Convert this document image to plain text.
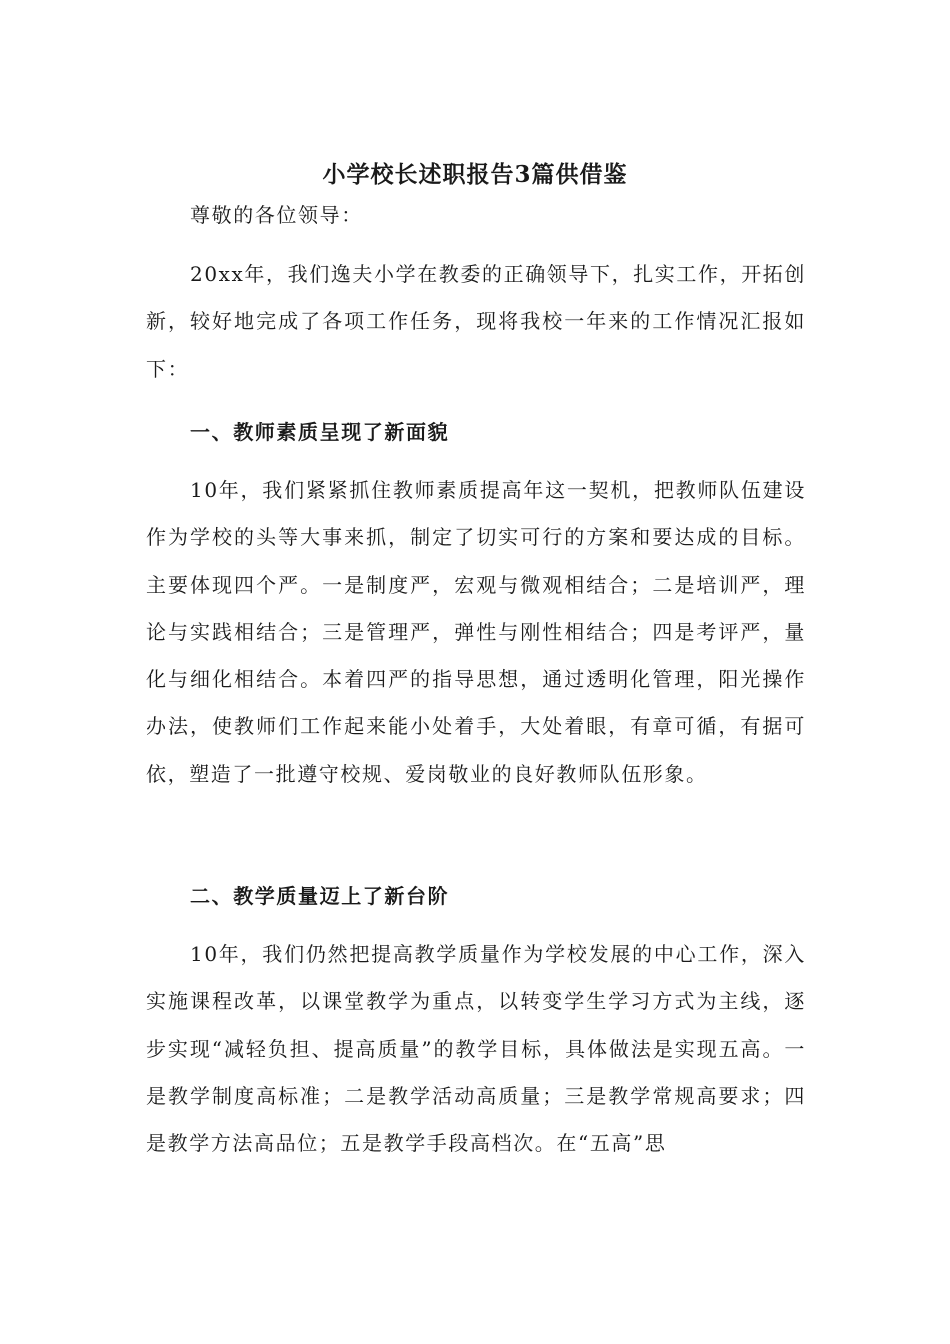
小学校长述职报告3篇供借鉴

尊敬的各位领导：

20xx年，我们逸夫小学在教委的正确领导下，扎实工作，开拓创新，较好地完成了各项工作任务，现将我校一年来的工作情况汇报如下：

一、教师素质呈现了新面貌

10年，我们紧紧抓住教师素质提高年这一契机，把教师队伍建设作为学校的头等大事来抓，制定了切实可行的方案和要达成的目标。主要体现四个严。一是制度严，宏观与微观相结合；二是培训严，理论与实践相结合；三是管理严，弹性与刚性相结合；四是考评严，量化与细化相结合。本着四严的指导思想，通过透明化管理，阳光操作办法，使教师们工作起来能小处着手，大处着眼，有章可循，有据可依，塑造了一批遵守校规、爱岗敬业的良好教师队伍形象。

二、教学质量迈上了新台阶

10年，我们仍然把提高教学质量作为学校发展的中心工作，深入实施课程改革，以课堂教学为重点，以转变学生学习方式为主线，逐步实现“减轻负担、提高质量”的教学目标，具体做法是实现五高。一是教学制度高标准；二是教学活动高质量；三是教学常规高要求；四是教学方法高品位；五是教学手段高档次。在“五高”思
